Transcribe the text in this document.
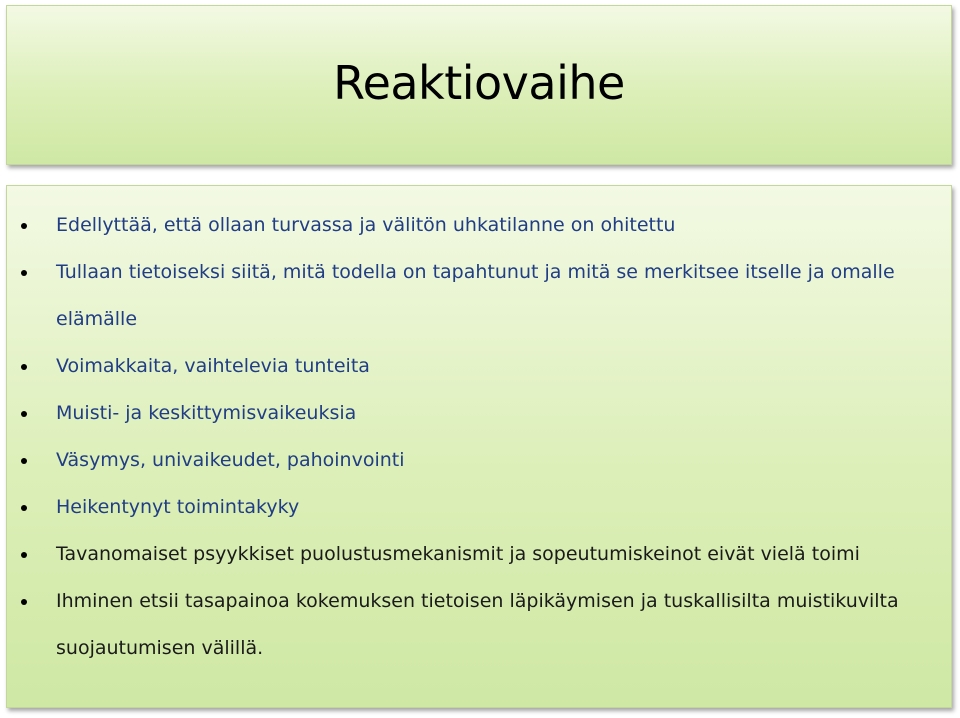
Reaktiovaihe
Edellyttää, että ollaan turvassa ja välitön uhkatilanne on ohitettu
Tullaan tietoiseksi siitä, mitä todella on tapahtunut ja mitä se merkitsee itselle ja omalle elämälle
Voimakkaita, vaihtelevia tunteita
Muisti- ja keskittymisvaikeuksia
Väsymys, univaikeudet, pahoinvointi
Heikentynyt toimintakyky
Tavanomaiset psyykkiset puolustusmekanismit ja sopeutumiskeinot eivät vielä toimi
Ihminen etsii tasapainoa kokemuksen tietoisen läpikäymisen ja tuskallisilta muistikuvilta suojautumisen välillä.
